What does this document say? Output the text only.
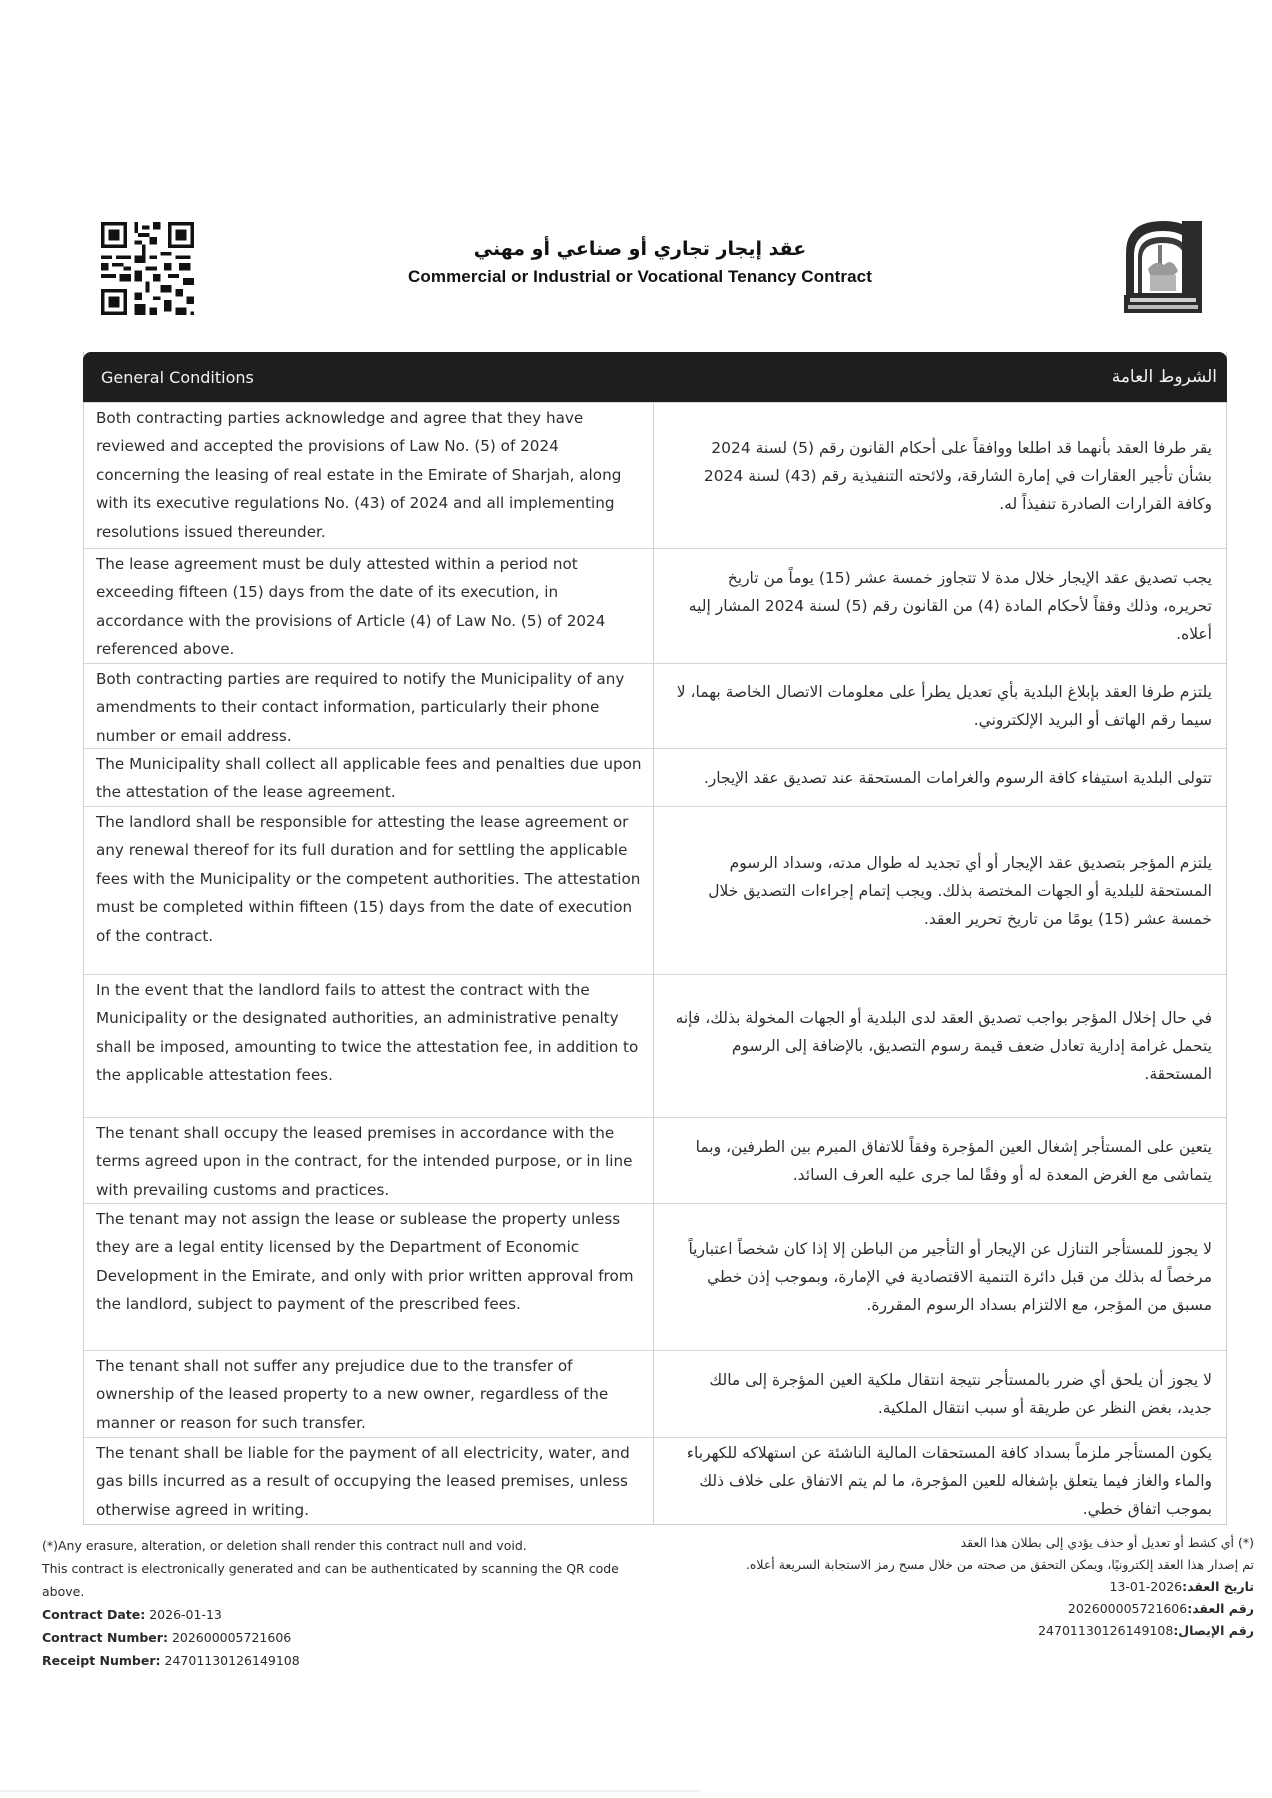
عقد إيجار تجاري أو صناعي أو مهني
Commercial or Industrial or Vocational Tenancy Contract
General Conditions	الشروط العامة
Both contracting parties acknowledge and agree that they have reviewed and accepted the provisions of Law No. (5) of 2024 concerning the leasing of real estate in the Emirate of Sharjah, along with its executive regulations No. (43) of 2024 and all implementing resolutions issued thereunder.
يقر طرفا العقد بأنهما قد اطلعا ووافقاً على أحكام القانون رقم (5) لسنة 2024 بشأن تأجير العقارات في إمارة الشارقة، ولائحته التنفيذية رقم (43) لسنة 2024 وكافة القرارات الصادرة تنفيذاً له.
The lease agreement must be duly attested within a period not exceeding fifteen (15) days from the date of its execution, in accordance with the provisions of Article (4) of Law No. (5) of 2024 referenced above.
يجب تصديق عقد الإيجار خلال مدة لا تتجاوز خمسة عشر (15) يوماً من تاريخ تحريره، وذلك وفقاً لأحكام المادة (4) من القانون رقم (5) لسنة 2024 المشار إليه أعلاه.
Both contracting parties are required to notify the Municipality of any amendments to their contact information, particularly their phone number or email address.
يلتزم طرفا العقد بإبلاغ البلدية بأي تعديل يطرأ على معلومات الاتصال الخاصة بهما، لا سيما رقم الهاتف أو البريد الإلكتروني.
The Municipality shall collect all applicable fees and penalties due upon the attestation of the lease agreement.
تتولى البلدية استيفاء كافة الرسوم والغرامات المستحقة عند تصديق عقد الإيجار.
The landlord shall be responsible for attesting the lease agreement or any renewal thereof for its full duration and for settling the applicable fees with the Municipality or the competent authorities. The attestation must be completed within fifteen (15) days from the date of execution of the contract.
يلتزم المؤجر بتصديق عقد الإيجار أو أي تجديد له طوال مدته، وسداد الرسوم المستحقة للبلدية أو الجهات المختصة بذلك. ويجب إتمام إجراءات التصديق خلال خمسة عشر (15) يومًا من تاريخ تحرير العقد.
In the event that the landlord fails to attest the contract with the Municipality or the designated authorities, an administrative penalty shall be imposed, amounting to twice the attestation fee, in addition to the applicable attestation fees.
في حال إخلال المؤجر بواجب تصديق العقد لدى البلدية أو الجهات المخولة بذلك، فإنه يتحمل غرامة إدارية تعادل ضعف قيمة رسوم التصديق، بالإضافة إلى الرسوم المستحقة.
The tenant shall occupy the leased premises in accordance with the terms agreed upon in the contract, for the intended purpose, or in line with prevailing customs and practices.
يتعين على المستأجر إشغال العين المؤجرة وفقاً للاتفاق المبرم بين الطرفين، وبما يتماشى مع الغرض المعدة له أو وفقًا لما جرى عليه العرف السائد.
The tenant may not assign the lease or sublease the property unless they are a legal entity licensed by the Department of Economic Development in the Emirate, and only with prior written approval from the landlord, subject to payment of the prescribed fees.
لا يجوز للمستأجر التنازل عن الإيجار أو التأجير من الباطن إلا إذا كان شخصاً اعتبارياً مرخصاً له بذلك من قبل دائرة التنمية الاقتصادية في الإمارة، وبموجب إذن خطي مسبق من المؤجر، مع الالتزام بسداد الرسوم المقررة.
The tenant shall not suffer any prejudice due to the transfer of ownership of the leased property to a new owner, regardless of the manner or reason for such transfer.
لا يجوز أن يلحق أي ضرر بالمستأجر نتيجة انتقال ملكية العين المؤجرة إلى مالك جديد، بغض النظر عن طريقة أو سبب انتقال الملكية.
The tenant shall be liable for the payment of all electricity, water, and gas bills incurred as a result of occupying the leased premises, unless otherwise agreed in writing.
يكون المستأجر ملزماً بسداد كافة المستحقات المالية الناشئة عن استهلاكه للكهرباء والماء والغاز فيما يتعلق بإشغاله للعين المؤجرة، ما لم يتم الاتفاق على خلاف ذلك بموجب اتفاق خطي.
(*)Any erasure, alteration, or deletion shall render this contract null and void.
This contract is electronically generated and can be authenticated by scanning the QR code above.
Contract Date: 2026-01-13
Contract Number: 202600005721606
Receipt Number: 24701130126149108
(*) أي كشط أو تعديل أو حذف يؤدي إلى بطلان هذا العقد
تم إصدار هذا العقد إلكترونيًا، ويمكن التحقق من صحته من خلال مسح رمز الاستجابة السريعة أعلاه.
تاريخ العقد:2026-01-13
رقم العقد:202600005721606
رقم الإيصال:24701130126149108
